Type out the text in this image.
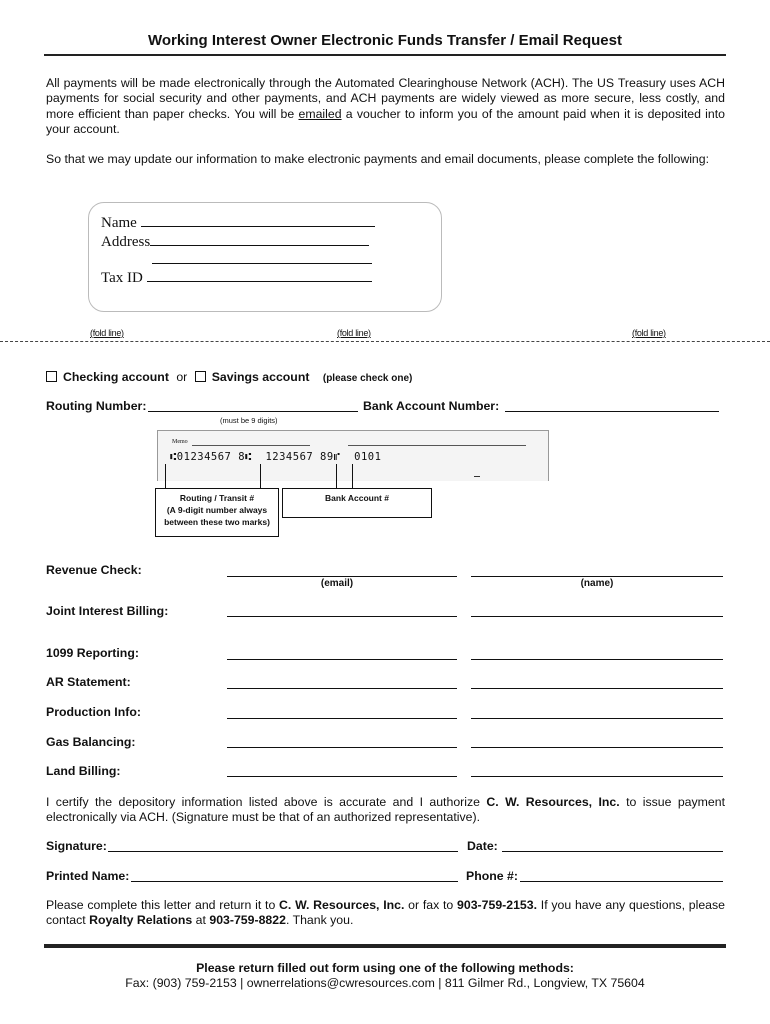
Working Interest Owner Electronic Funds Transfer / Email Request
All payments will be made electronically through the Automated Clearinghouse Network (ACH). The US Treasury uses ACH payments for social security and other payments, and ACH payments are widely viewed as more secure, less costly, and more efficient than paper checks. You will be emailed a voucher to inform you of the amount paid when it is deposited into your account.
So that we may update our information to make electronic payments and email documents, please complete the following:
Name
Address
Tax ID
(fold line)	(fold line)	(fold line)
Checking account or Savings account (please check one)
Routing Number:
(must be 9 digits)
Bank Account Number:
Memo
⑆01234567 8⑆  1234567 89⑈  0101
Routing / Transit #
(A 9-digit number always
between these two marks)
Bank Account #
Revenue Check:
(email)	(name)
Joint Interest Billing:
1099 Reporting:
AR Statement:
Production Info:
Gas Balancing:
Land Billing:
I certify the depository information listed above is accurate and I authorize C. W. Resources, Inc. to issue payment electronically via ACH. (Signature must be that of an authorized representative).
Signature:	Date:
Printed Name:	Phone #:
Please complete this letter and return it to C. W. Resources, Inc. or fax to 903-759-2153. If you have any questions, please contact Royalty Relations at 903-759-8822. Thank you.
Please return filled out form using one of the following methods:
Fax: (903) 759-2153 | ownerrelations@cwresources.com | 811 Gilmer Rd., Longview, TX 75604
